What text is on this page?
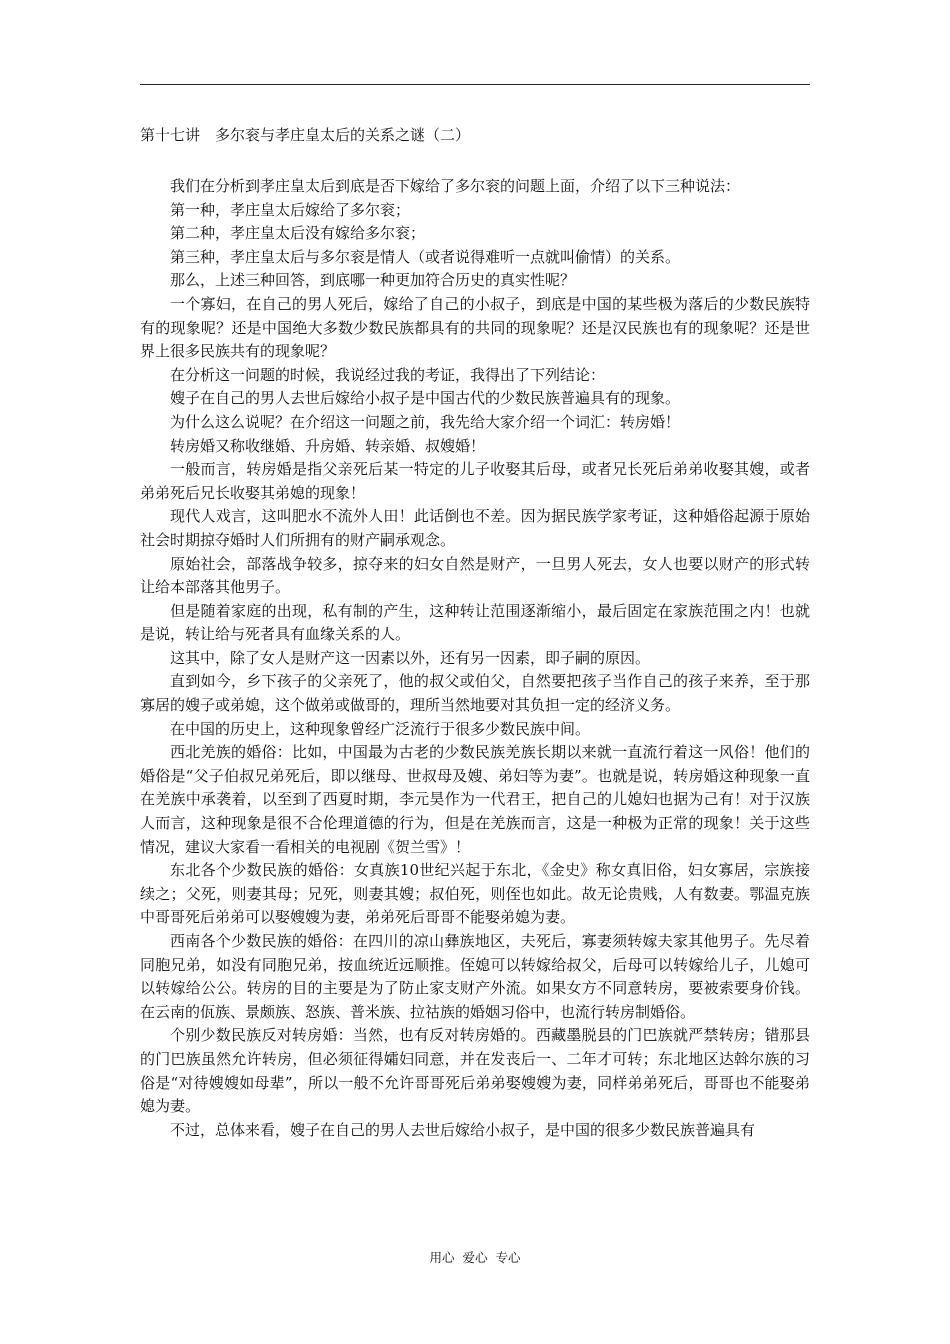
第十七讲　多尔衮与孝庄皇太后的关系之谜（二）

我们在分析到孝庄皇太后到底是否下嫁给了多尔衮的问题上面，介绍了以下三种说法：

第一种，孝庄皇太后嫁给了多尔衮；

第二种，孝庄皇太后没有嫁给多尔衮；

第三种，孝庄皇太后与多尔衮是情人（或者说得难听一点就叫偷情）的关系。

那么，上述三种回答，到底哪一种更加符合历史的真实性呢？

一个寡妇，在自己的男人死后，嫁给了自己的小叔子，到底是中国的某些极为落后的少数民族特有的现象呢？还是中国绝大多数少数民族都具有的共同的现象呢？还是汉民族也有的现象呢？还是世界上很多民族共有的现象呢？

在分析这一问题的时候，我说经过我的考证，我得出了下列结论：

嫂子在自己的男人去世后嫁给小叔子是中国古代的少数民族普遍具有的现象。

为什么这么说呢？在介绍这一问题之前，我先给大家介绍一个词汇：转房婚！

转房婚又称收继婚、升房婚、转亲婚、叔嫂婚！

一般而言，转房婚是指父亲死后某一特定的儿子收娶其后母，或者兄长死后弟弟收娶其嫂，或者弟弟死后兄长收娶其弟媳的现象！

现代人戏言，这叫肥水不流外人田！此话倒也不差。因为据民族学家考证，这种婚俗起源于原始社会时期掠夺婚时人们所拥有的财产嗣承观念。

原始社会，部落战争较多，掠夺来的妇女自然是财产，一旦男人死去，女人也要以财产的形式转让给本部落其他男子。

但是随着家庭的出现，私有制的产生，这种转让范围逐渐缩小，最后固定在家族范围之内！也就是说，转让给与死者具有血缘关系的人。

这其中，除了女人是财产这一因素以外，还有另一因素，即子嗣的原因。

直到如今，乡下孩子的父亲死了，他的叔父或伯父，自然要把孩子当作自己的孩子来养，至于那寡居的嫂子或弟媳，这个做弟或做哥的，理所当然地要对其负担一定的经济义务。

在中国的历史上，这种现象曾经广泛流行于很多少数民族中间。

西北羌族的婚俗：比如，中国最为古老的少数民族羌族长期以来就一直流行着这一风俗！他们的婚俗是“父子伯叔兄弟死后，即以继母、世叔母及嫂、弟妇等为妻”。也就是说，转房婚这种现象一直在羌族中承袭着，以至到了西夏时期，李元昊作为一代君王，把自己的儿媳妇也据为己有！对于汉族人而言，这种现象是很不合伦理道德的行为，但是在羌族而言，这是一种极为正常的现象！关于这些情况，建议大家看一看相关的电视剧《贺兰雪》！

东北各个少数民族的婚俗：女真族10世纪兴起于东北，《金史》称女真旧俗，妇女寡居，宗族接续之；父死，则妻其母；兄死，则妻其嫂；叔伯死，则侄也如此。故无论贵贱，人有数妻。鄂温克族中哥哥死后弟弟可以娶嫂嫂为妻，弟弟死后哥哥不能娶弟媳为妻。

西南各个少数民族的婚俗：在四川的凉山彝族地区，夫死后，寡妻须转嫁夫家其他男子。先尽着同胞兄弟，如没有同胞兄弟，按血统近远顺推。侄媳可以转嫁给叔父，后母可以转嫁给儿子，儿媳可以转嫁给公公。转房的目的主要是为了防止家支财产外流。如果女方不同意转房，要被索要身价钱。在云南的佤族、景颇族、怒族、普米族、拉祜族的婚姻习俗中，也流行转房制婚俗。

个别少数民族反对转房婚：当然，也有反对转房婚的。西藏墨脱县的门巴族就严禁转房；错那县的门巴族虽然允许转房，但必须征得孀妇同意，并在发丧后一、二年才可转；东北地区达斡尔族的习俗是“对待嫂嫂如母辈”，所以一般不允许哥哥死后弟弟娶嫂嫂为妻，同样弟弟死后，哥哥也不能娶弟媳为妻。

不过，总体来看，嫂子在自己的男人去世后嫁给小叔子，是中国的很多少数民族普遍具有

用心 爱心 专心
